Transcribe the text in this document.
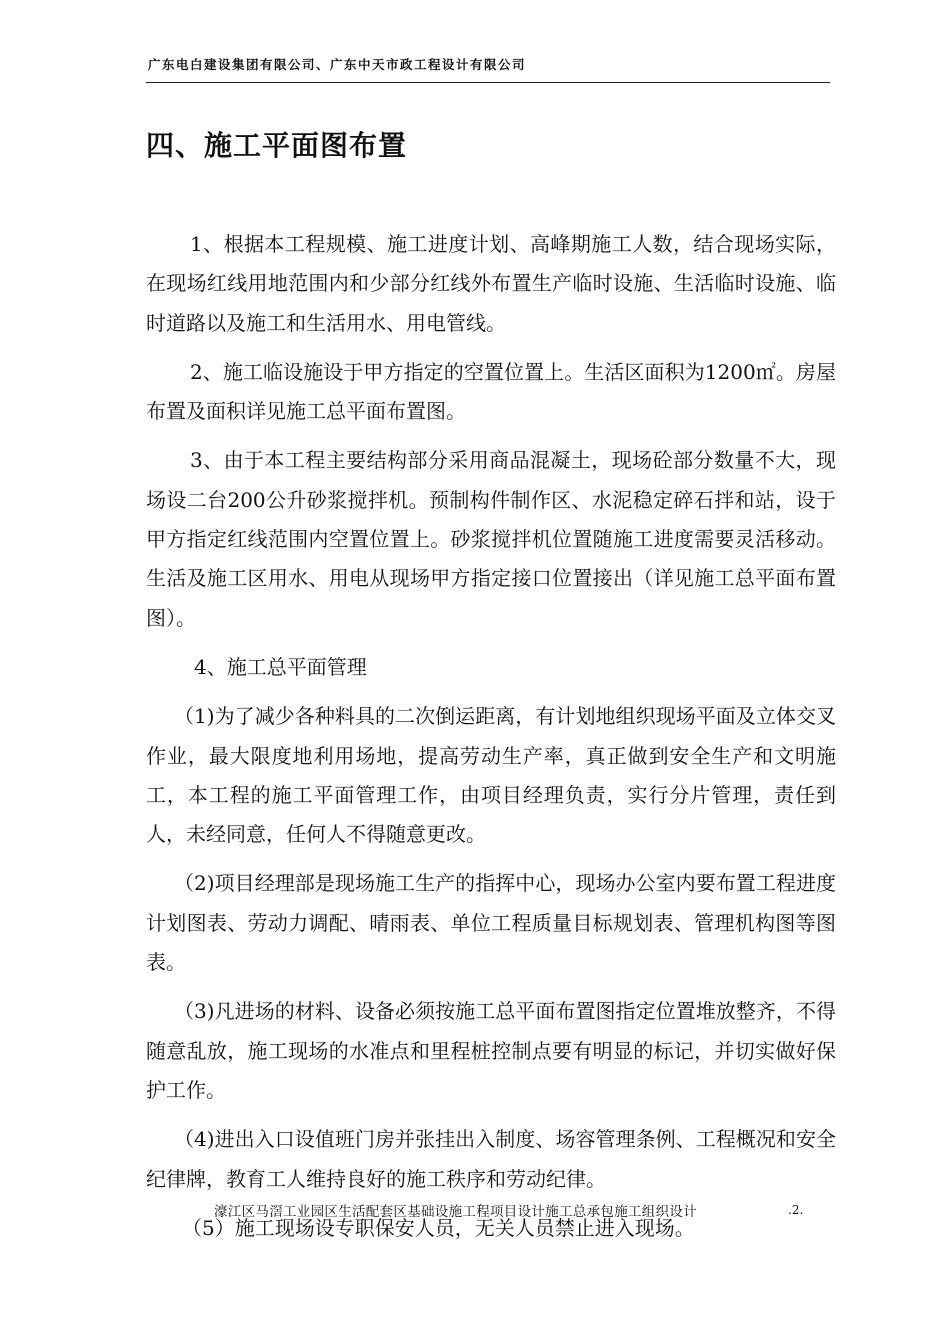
广东电白建设集团有限公司、广东中天市政工程设计有限公司
四、施工平面图布置

1、根据本工程规模、施工进度计划、高峰期施工人数，结合现场实际，在现场红线用地范围内和少部分红线外布置生产临时设施、生活临时设施、临时道路以及施工和生活用水、用电管线。

2、施工临设施设于甲方指定的空置位置上。生活区面积为1200㎡。房屋布置及面积详见施工总平面布置图。

3、由于本工程主要结构部分采用商品混凝土，现场砼部分数量不大，现场设二台200公升砂浆搅拌机。预制构件制作区、水泥稳定碎石拌和站，设于甲方指定红线范围内空置位置上。砂浆搅拌机位置随施工进度需要灵活移动。生活及施工区用水、用电从现场甲方指定接口位置接出（详见施工总平面布置图）。

4、施工总平面管理

（1)为了减少各种料具的二次倒运距离，有计划地组织现场平面及立体交叉作业，最大限度地利用场地，提高劳动生产率，真正做到安全生产和文明施工，本工程的施工平面管理工作，由项目经理负责，实行分片管理，责任到人，未经同意，任何人不得随意更改。

（2)项目经理部是现场施工生产的指挥中心，现场办公室内要布置工程进度计划图表、劳动力调配、晴雨表、单位工程质量目标规划表、管理机构图等图表。

（3)凡进场的材料、设备必须按施工总平面布置图指定位置堆放整齐，不得随意乱放，施工现场的水准点和里程桩控制点要有明显的标记，并切实做好保护工作。

（4)进出入口设值班门房并张挂出入制度、场容管理条例、工程概况和安全纪律牌，教育工人维持良好的施工秩序和劳动纪律。

（5）施工现场设专职保安人员，无关人员禁止进入现场。

濠江区马滘工业园区生活配套区基础设施工程项目设计施工总承包施工组织设计	.2.
